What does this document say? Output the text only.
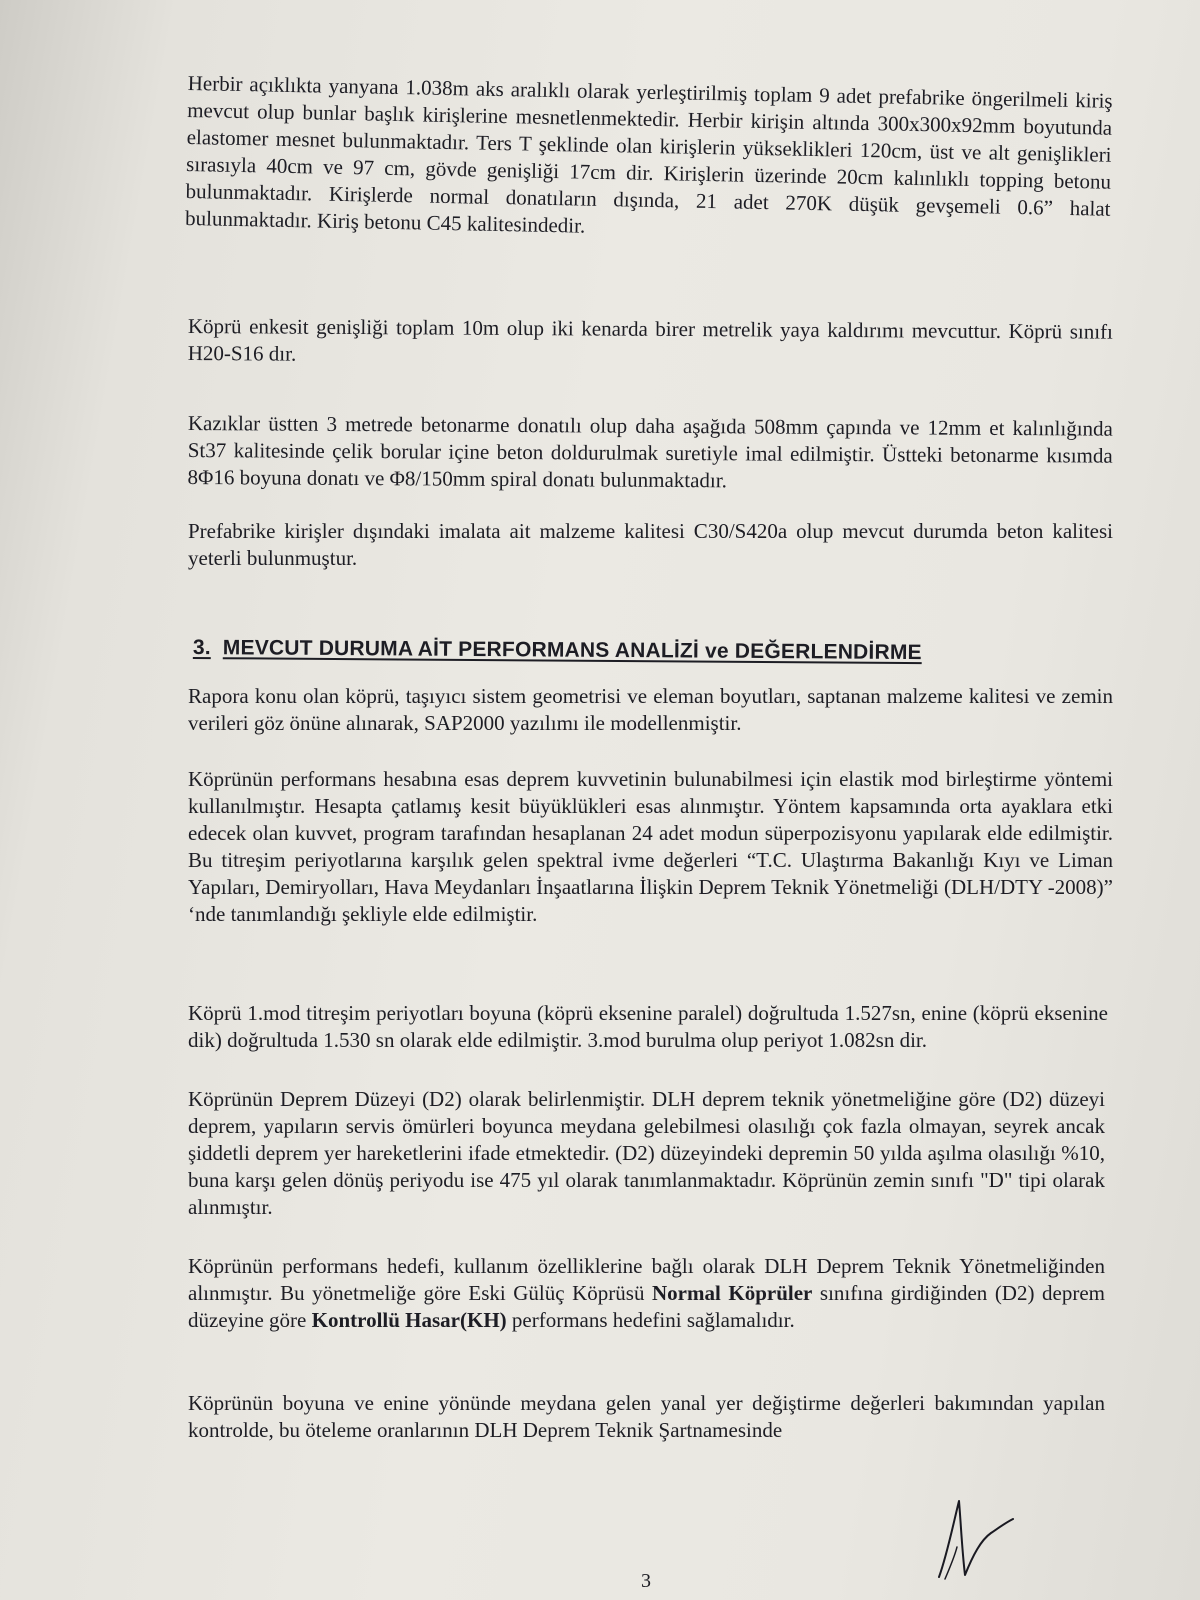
Herbir açıklıkta yanyana 1.038m aks aralıklı olarak yerleştirilmiş toplam 9 adet prefabrike öngerilmeli kiriş mevcut olup bunlar başlık kirişlerine mesnetlenmektedir. Herbir kirişin altında 300x300x92mm boyutunda elastomer mesnet bulunmaktadır. Ters T şeklinde olan kirişlerin yükseklikleri 120cm, üst ve alt genişlikleri sırasıyla 40cm ve 97 cm, gövde genişliği 17cm dir. Kirişlerin üzerinde 20cm kalınlıklı topping betonu bulunmaktadır. Kirişlerde normal donatıların dışında, 21 adet 270K düşük gevşemeli 0.6” halat bulunmaktadır. Kiriş betonu C45 kalitesindedir.

Köprü enkesit genişliği toplam 10m olup iki kenarda birer metrelik yaya kaldırımı mevcuttur. Köprü sınıfı H20-S16 dır.

Kazıklar üstten 3 metrede betonarme donatılı olup daha aşağıda 508mm çapında ve 12mm et kalınlığında St37 kalitesinde çelik borular içine beton doldurulmak suretiyle imal edilmiştir. Üstteki betonarme kısımda 8Φ16 boyuna donatı ve Φ8/150mm spiral donatı bulunmaktadır.

Prefabrike kirişler dışındaki imalata ait malzeme kalitesi C30/S420a olup mevcut durumda beton kalitesi yeterli bulunmuştur.

3. MEVCUT DURUMA AİT PERFORMANS ANALİZİ ve DEĞERLENDİRME

Rapora konu olan köprü, taşıyıcı sistem geometrisi ve eleman boyutları, saptanan malzeme kalitesi ve zemin verileri göz önüne alınarak, SAP2000 yazılımı ile modellenmiştir.

Köprünün performans hesabına esas deprem kuvvetinin bulunabilmesi için elastik mod birleştirme yöntemi kullanılmıştır. Hesapta çatlamış kesit büyüklükleri esas alınmıştır. Yöntem kapsamında orta ayaklara etki edecek olan kuvvet, program tarafından hesaplanan 24 adet modun süperpozisyonu yapılarak elde edilmiştir. Bu titreşim periyotlarına karşılık gelen spektral ivme değerleri “T.C. Ulaştırma Bakanlığı Kıyı ve Liman Yapıları, Demiryolları, Hava Meydanları İnşaatlarına İlişkin Deprem Teknik Yönetmeliği (DLH/DTY -2008)” ‘nde tanımlandığı şekliyle elde edilmiştir.

Köprü 1.mod titreşim periyotları boyuna (köprü eksenine paralel) doğrultuda 1.527sn, enine (köprü eksenine dik) doğrultuda 1.530 sn olarak elde edilmiştir. 3.mod burulma olup periyot 1.082sn dir.

Köprünün Deprem Düzeyi (D2) olarak belirlenmiştir. DLH deprem teknik yönetmeliğine göre (D2) düzeyi deprem, yapıların servis ömürleri boyunca meydana gelebilmesi olasılığı çok fazla olmayan, seyrek ancak şiddetli deprem yer hareketlerini ifade etmektedir. (D2) düzeyindeki depremin 50 yılda aşılma olasılığı %10, buna karşı gelen dönüş periyodu ise 475 yıl olarak tanımlanmaktadır. Köprünün zemin sınıfı "D" tipi olarak alınmıştır.

Köprünün performans hedefi, kullanım özelliklerine bağlı olarak DLH Deprem Teknik Yönetmeliğinden alınmıştır. Bu yönetmeliğe göre Eski Gülüç Köprüsü Normal Köprüler sınıfına girdiğinden (D2) deprem düzeyine göre Kontrollü Hasar(KH) performans hedefini sağlamalıdır.

Köprünün boyuna ve enine yönünde meydana gelen yanal yer değiştirme değerleri bakımından yapılan kontrolde, bu öteleme oranlarının DLH Deprem Teknik Şartnamesinde

3
